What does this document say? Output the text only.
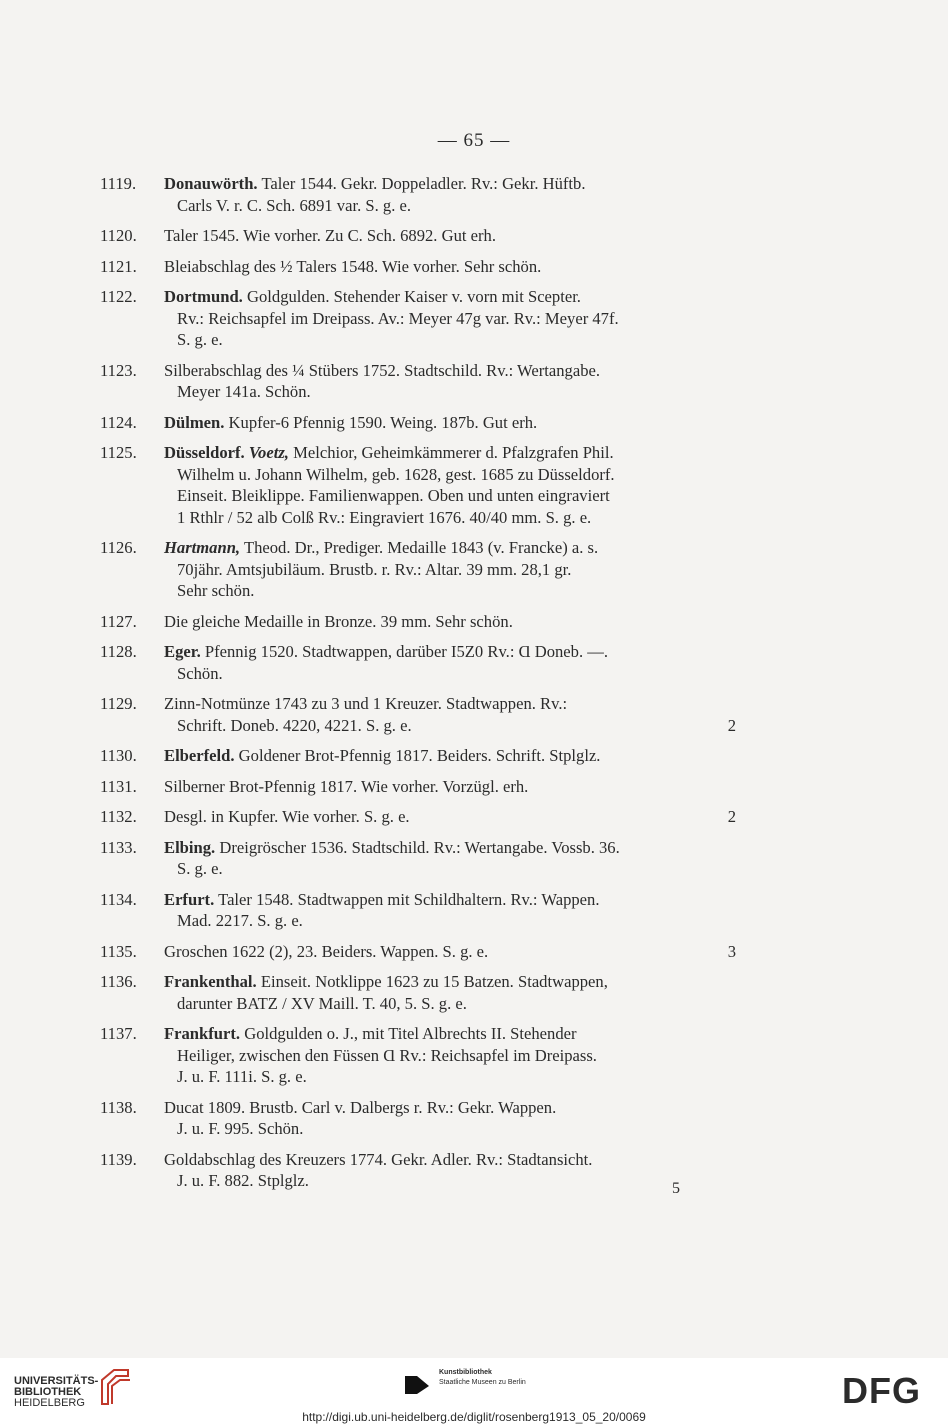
— 65 —
1119.	Donauwörth. Taler 1544. Gekr. Doppeladler. Rv.: Gekr. Hüftb.
Carls V. r. C. Sch. 6891 var. S. g. e.
1120.	Taler 1545. Wie vorher. Zu C. Sch. 6892. Gut erh.
1121.	Bleiabschlag des ½ Talers 1548. Wie vorher. Sehr schön.
1122.	Dortmund. Goldgulden. Stehender Kaiser v. vorn mit Scepter.
Rv.: Reichsapfel im Dreipass. Av.: Meyer 47g var. Rv.: Meyer 47f.
S. g. e.
1123.	Silberabschlag des ¼ Stübers 1752. Stadtschild. Rv.: Wertangabe.
Meyer 141a. Schön.
1124.	Dülmen. Kupfer-6 Pfennig 1590. Weing. 187b. Gut erh.
1125.	Düsseldorf. Voetz, Melchior, Geheimkämmerer d. Pfalzgrafen Phil.
Wilhelm u. Johann Wilhelm, geb. 1628, gest. 1685 zu Düsseldorf.
Einseit. Bleiklippe. Familienwappen. Oben und unten eingraviert
1 Rthlr / 52 alb Colß Rv.: Eingraviert 1676. 40/40 mm. S. g. e.
1126.	Hartmann, Theod. Dr., Prediger. Medaille 1843 (v. Francke) a. s.
70jähr. Amtsjubiläum. Brustb. r. Rv.: Altar. 39 mm. 28,1 gr.
Sehr schön.
1127.	Die gleiche Medaille in Bronze. 39 mm. Sehr schön.
1128.	Eger. Pfennig 1520. Stadtwappen, darüber I5Z0 Rv.: Ɑ Doneb. —.
Schön.
1129.	Zinn-Notmünze 1743 zu 3 und 1 Kreuzer. Stadtwappen. Rv.:
Schrift. Doneb. 4220, 4221. S. g. e.	2
1130.	Elberfeld. Goldener Brot-Pfennig 1817. Beiders. Schrift. Stplglz.
1131.	Silberner Brot-Pfennig 1817. Wie vorher. Vorzügl. erh.
1132.	Desgl. in Kupfer. Wie vorher. S. g. e.	2
1133.	Elbing. Dreigröscher 1536. Stadtschild. Rv.: Wertangabe. Vossb. 36.
S. g. e.
1134.	Erfurt. Taler 1548. Stadtwappen mit Schildhaltern. Rv.: Wappen.
Mad. 2217. S. g. e.
1135.	Groschen 1622 (2), 23. Beiders. Wappen. S. g. e.	3
1136.	Frankenthal. Einseit. Notklippe 1623 zu 15 Batzen. Stadtwappen,
darunter BATZ / XV Maill. T. 40, 5. S. g. e.
1137.	Frankfurt. Goldgulden o. J., mit Titel Albrechts II. Stehender
Heiliger, zwischen den Füssen Ɑ Rv.: Reichsapfel im Dreipass.
J. u. F. 111i. S. g. e.
1138.	Ducat 1809. Brustb. Carl v. Dalbergs r. Rv.: Gekr. Wappen.
J. u. F. 995. Schön.
1139.	Goldabschlag des Kreuzers 1774. Gekr. Adler. Rv.: Stadtansicht.
J. u. F. 882. Stplglz.	5
UNIVERSITÄTS-
BIBLIOTHEK
HEIDELBERG
Kunstbibliothek
Staatliche Museen zu Berlin	DFG
http://digi.ub.uni-heidelberg.de/diglit/rosenberg1913_05_20/0069
